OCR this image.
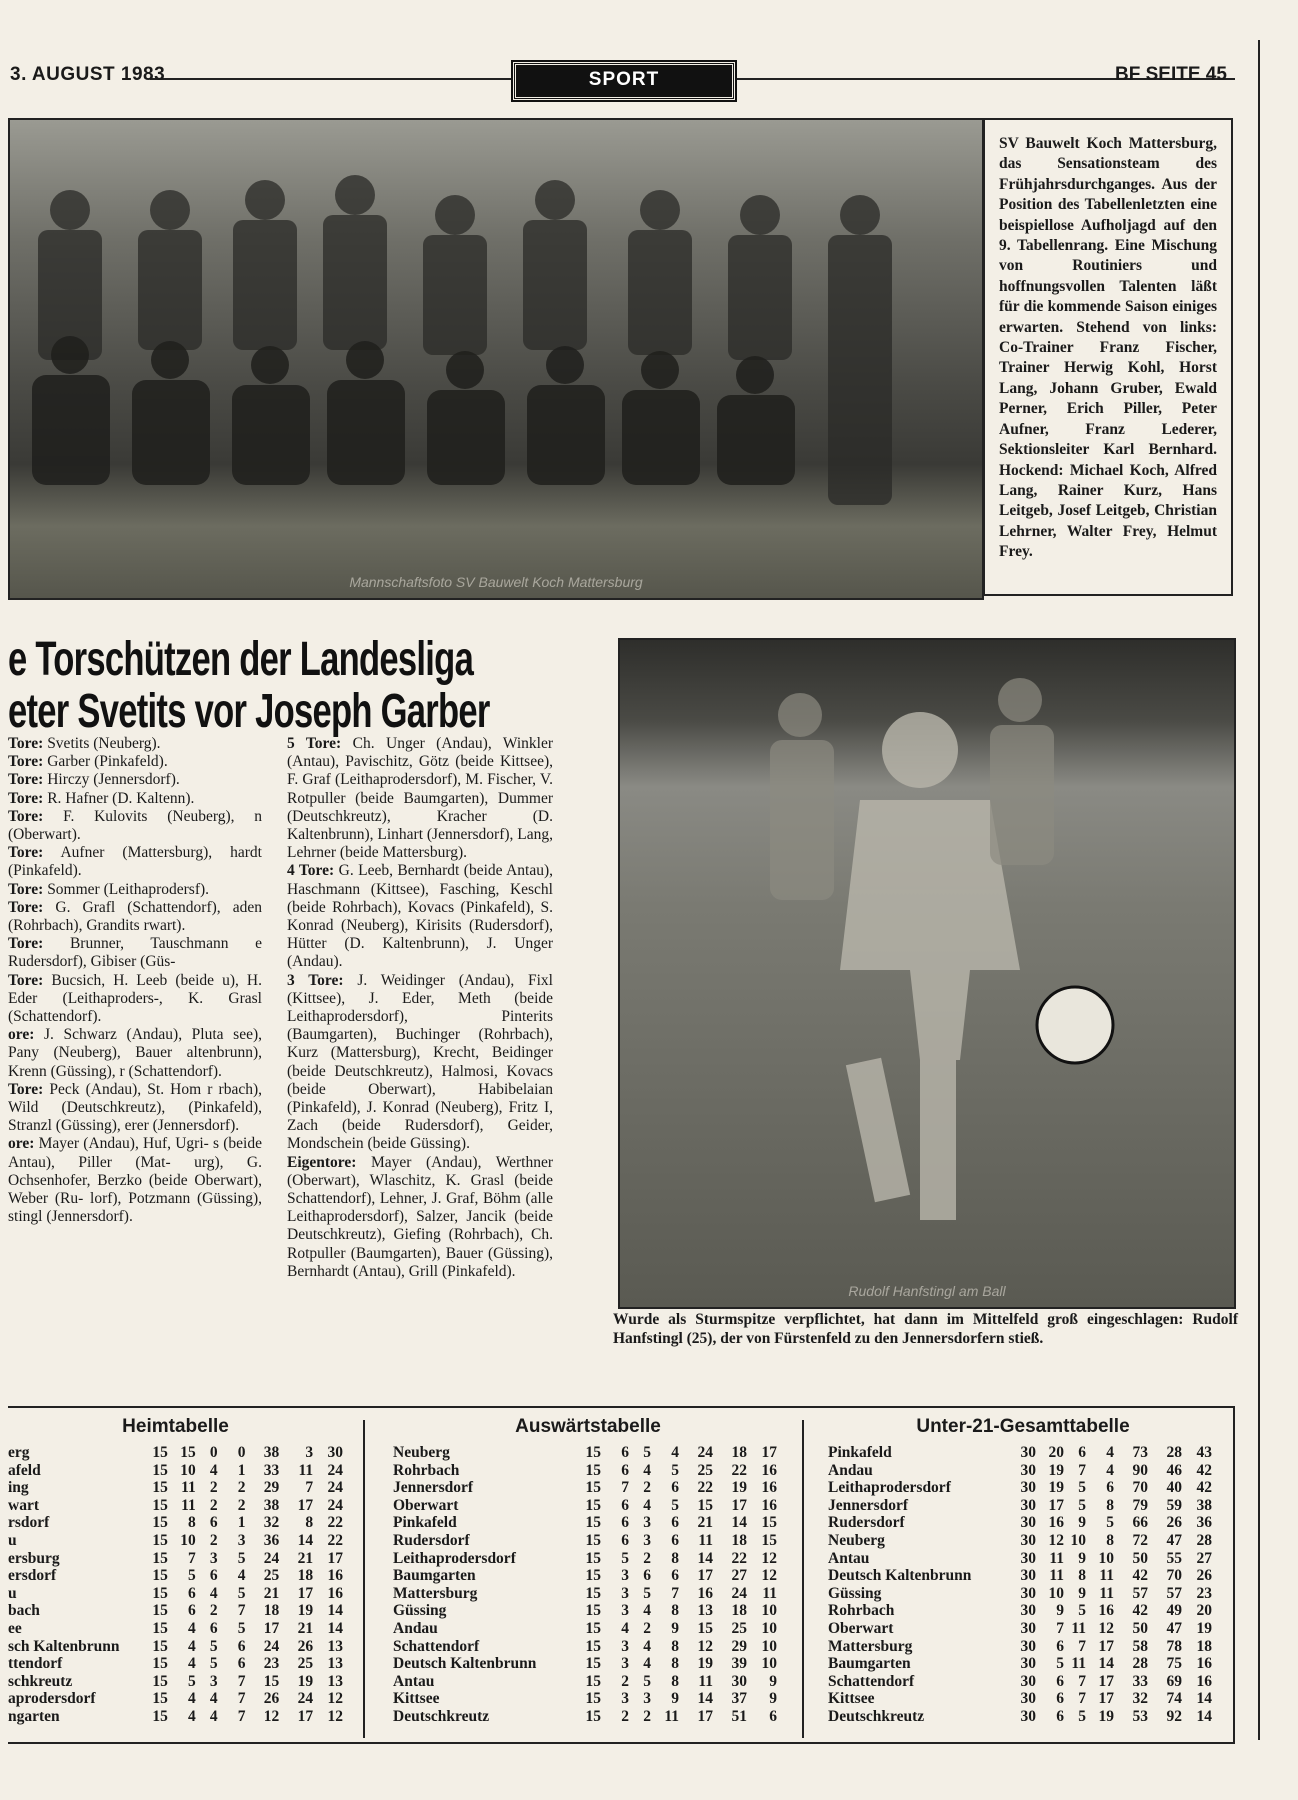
3. AUGUST 1983	SPORT	BF SEITE 45
Mannschaftsfoto SV Bauwelt Koch Mattersburg
SV Bauwelt Koch Mattersburg, das Sensationsteam des Frühjahrsdurchganges. Aus der Position des Tabellenletzten eine beispiellose Aufholjagd auf den 9. Tabellenrang. Eine Mischung von Routiniers und hoffnungsvollen Talenten läßt für die kommende Saison einiges erwarten. Stehend von links: Co-Trainer Franz Fischer, Trainer Herwig Kohl, Horst Lang, Johann Gruber, Ewald Perner, Erich Piller, Peter Aufner, Franz Lederer, Sektionsleiter Karl Bernhard. Hockend: Michael Koch, Alfred Lang, Rainer Kurz, Hans Leitgeb, Josef Leitgeb, Christian Lehrner, Walter Frey, Helmut Frey.
e Torschützen der Landesliga
eter Svetits vor Joseph Garber

Tore: Svetits (Neuberg).

Tore: Garber (Pinkafeld).

Tore: Hirczy (Jennersdorf).

Tore: R. Hafner (D. Kaltenn).

Tore: F. Kulovits (Neuberg), n (Oberwart).

Tore: Aufner (Mattersburg), hardt (Pinkafeld).

Tore: Sommer (Leithaprodersf).

Tore: G. Grafl (Schattendorf), aden (Rohrbach), Grandits rwart).

Tore: Brunner, Tauschmann e Rudersdorf), Gibiser (Güs-

Tore: Bucsich, H. Leeb (beide u), H. Eder (Leithaproders-, K. Grasl (Schattendorf).

ore: J. Schwarz (Andau), Pluta see), Pany (Neuberg), Bauer altenbrunn), Krenn (Güssing), r (Schattendorf).

Tore: Peck (Andau), St. Hom r rbach), Wild (Deutschkreutz), (Pinkafeld), Stranzl (Güssing), erer (Jennersdorf).

ore: Mayer (Andau), Huf, Ugri- s (beide Antau), Piller (Mat- urg), G. Ochsenhofer, Berzko (beide Oberwart), Weber (Ru- lorf), Potzmann (Güssing), stingl (Jennersdorf).

5 Tore: Ch. Unger (Andau), Winkler (Antau), Pavischitz, Götz (beide Kittsee), F. Graf (Leithaprodersdorf), M. Fischer, V. Rotpuller (beide Baumgarten), Dummer (Deutschkreutz), Kracher (D. Kaltenbrunn), Linhart (Jennersdorf), Lang, Lehrner (beide Mattersburg).

4 Tore: G. Leeb, Bernhardt (beide Antau), Haschmann (Kittsee), Fasching, Keschl (beide Rohrbach), Kovacs (Pinkafeld), S. Konrad (Neuberg), Kirisits (Rudersdorf), Hütter (D. Kaltenbrunn), J. Unger (Andau).

3 Tore: J. Weidinger (Andau), Fixl (Kittsee), J. Eder, Meth (beide Leithaprodersdorf), Pinterits (Baumgarten), Buchinger (Rohrbach), Kurz (Mattersburg), Krecht, Beidinger (beide Deutschkreutz), Halmosi, Kovacs (beide Oberwart), Habibelaian (Pinkafeld), J. Konrad (Neuberg), Fritz I, Zach (beide Rudersdorf), Geider, Mondschein (beide Güssing).

Eigentore: Mayer (Andau), Werthner (Oberwart), Wlaschitz, K. Grasl (beide Schattendorf), Lehner, J. Graf, Böhm (alle Leithaprodersdorf), Salzer, Jancik (beide Deutschkreutz), Giefing (Rohrbach), Ch. Rotpuller (Baumgarten), Bauer (Güssing), Bernhardt (Antau), Grill (Pinkafeld).

Rudolf Hanfstingl am Ball
Wurde als Sturmspitze verpflichtet, hat dann im Mittelfeld groß eingeschlagen: Rudolf Hanfstingl (25), der von Fürstenfeld zu den Jennersdorfern stieß.
Heimtabelle
erg	15 15 0	0	38	3 30
afeld	15 10 4	1	33	11 24
ing	15 11 2	2	29	7 24
wart	15 11 2	2	38	17 24
rsdorf	15	8 6	1	32	8 22
u	15 10 2	3	36	14 22
ersburg	15	7 3	5	24	21 17
ersdorf	15	5 6	4	25	18 16
u	15	6 4	5	21	17 16
bach	15	6 2	7	18	19 14
ee	15	4 6	5	17	21 14
sch Kaltenbrunn	15	4 5	6	24	26 13
ttendorf	15	4 5	6	23	25 13
schkreutz	15	5 3	7	15	19 13
aprodersdorf	15	4 4	7	26	24 12
ngarten	15	4 4	7	12	17 12
Auswärtstabelle
Neuberg	15	6 5	4	24	18 17
Rohrbach	15	6 4	5	25	22 16
Jennersdorf	15	7 2	6	22	19 16
Oberwart	15	6 4	5	15	17 16
Pinkafeld	15	6 3	6	21	14 15
Rudersdorf	15	6 3	6	11	18 15
Leithaprodersdorf	15	5 2	8	14	22 12
Baumgarten	15	3 6	6	17	27 12
Mattersburg	15	3 5	7	16	24 11
Güssing	15	3 4	8	13	18 10
Andau	15	4 2	9	15	25 10
Schattendorf	15	3 4	8	12	29 10
Deutsch Kaltenbrunn	15	3 4	8	19	39 10
Antau	15	2 5	8	11	30	9
Kittsee	15	3 3	9	14	37	9
Deutschkreutz	15	2 2 11	17	51	6
Unter-21-Gesamttabelle
Pinkafeld	30 20 6	4	73	28 43
Andau	30 19 7	4	90	46 42
Leithaprodersdorf	30 19 5	6	70	40 42
Jennersdorf	30 17 5	8	79	59 38
Rudersdorf	30 16 9	5	66	26 36
Neuberg	30 12 10	8	72	47 28
Antau	30 11 9 10	50	55 27
Deutsch Kaltenbrunn	30 11 8 11	42	70 26
Güssing	30 10 9 11	57	57 23
Rohrbach	30	9 5 16	42	49 20
Oberwart	30	7 11 12	50	47 19
Mattersburg	30	6 7 17	58	78 18
Baumgarten	30	5 11 14	28	75 16
Schattendorf	30	6 7 17	33	69 16
Kittsee	30	6 7 17	32	74 14
Deutschkreutz	30	6 5 19	53	92 14
